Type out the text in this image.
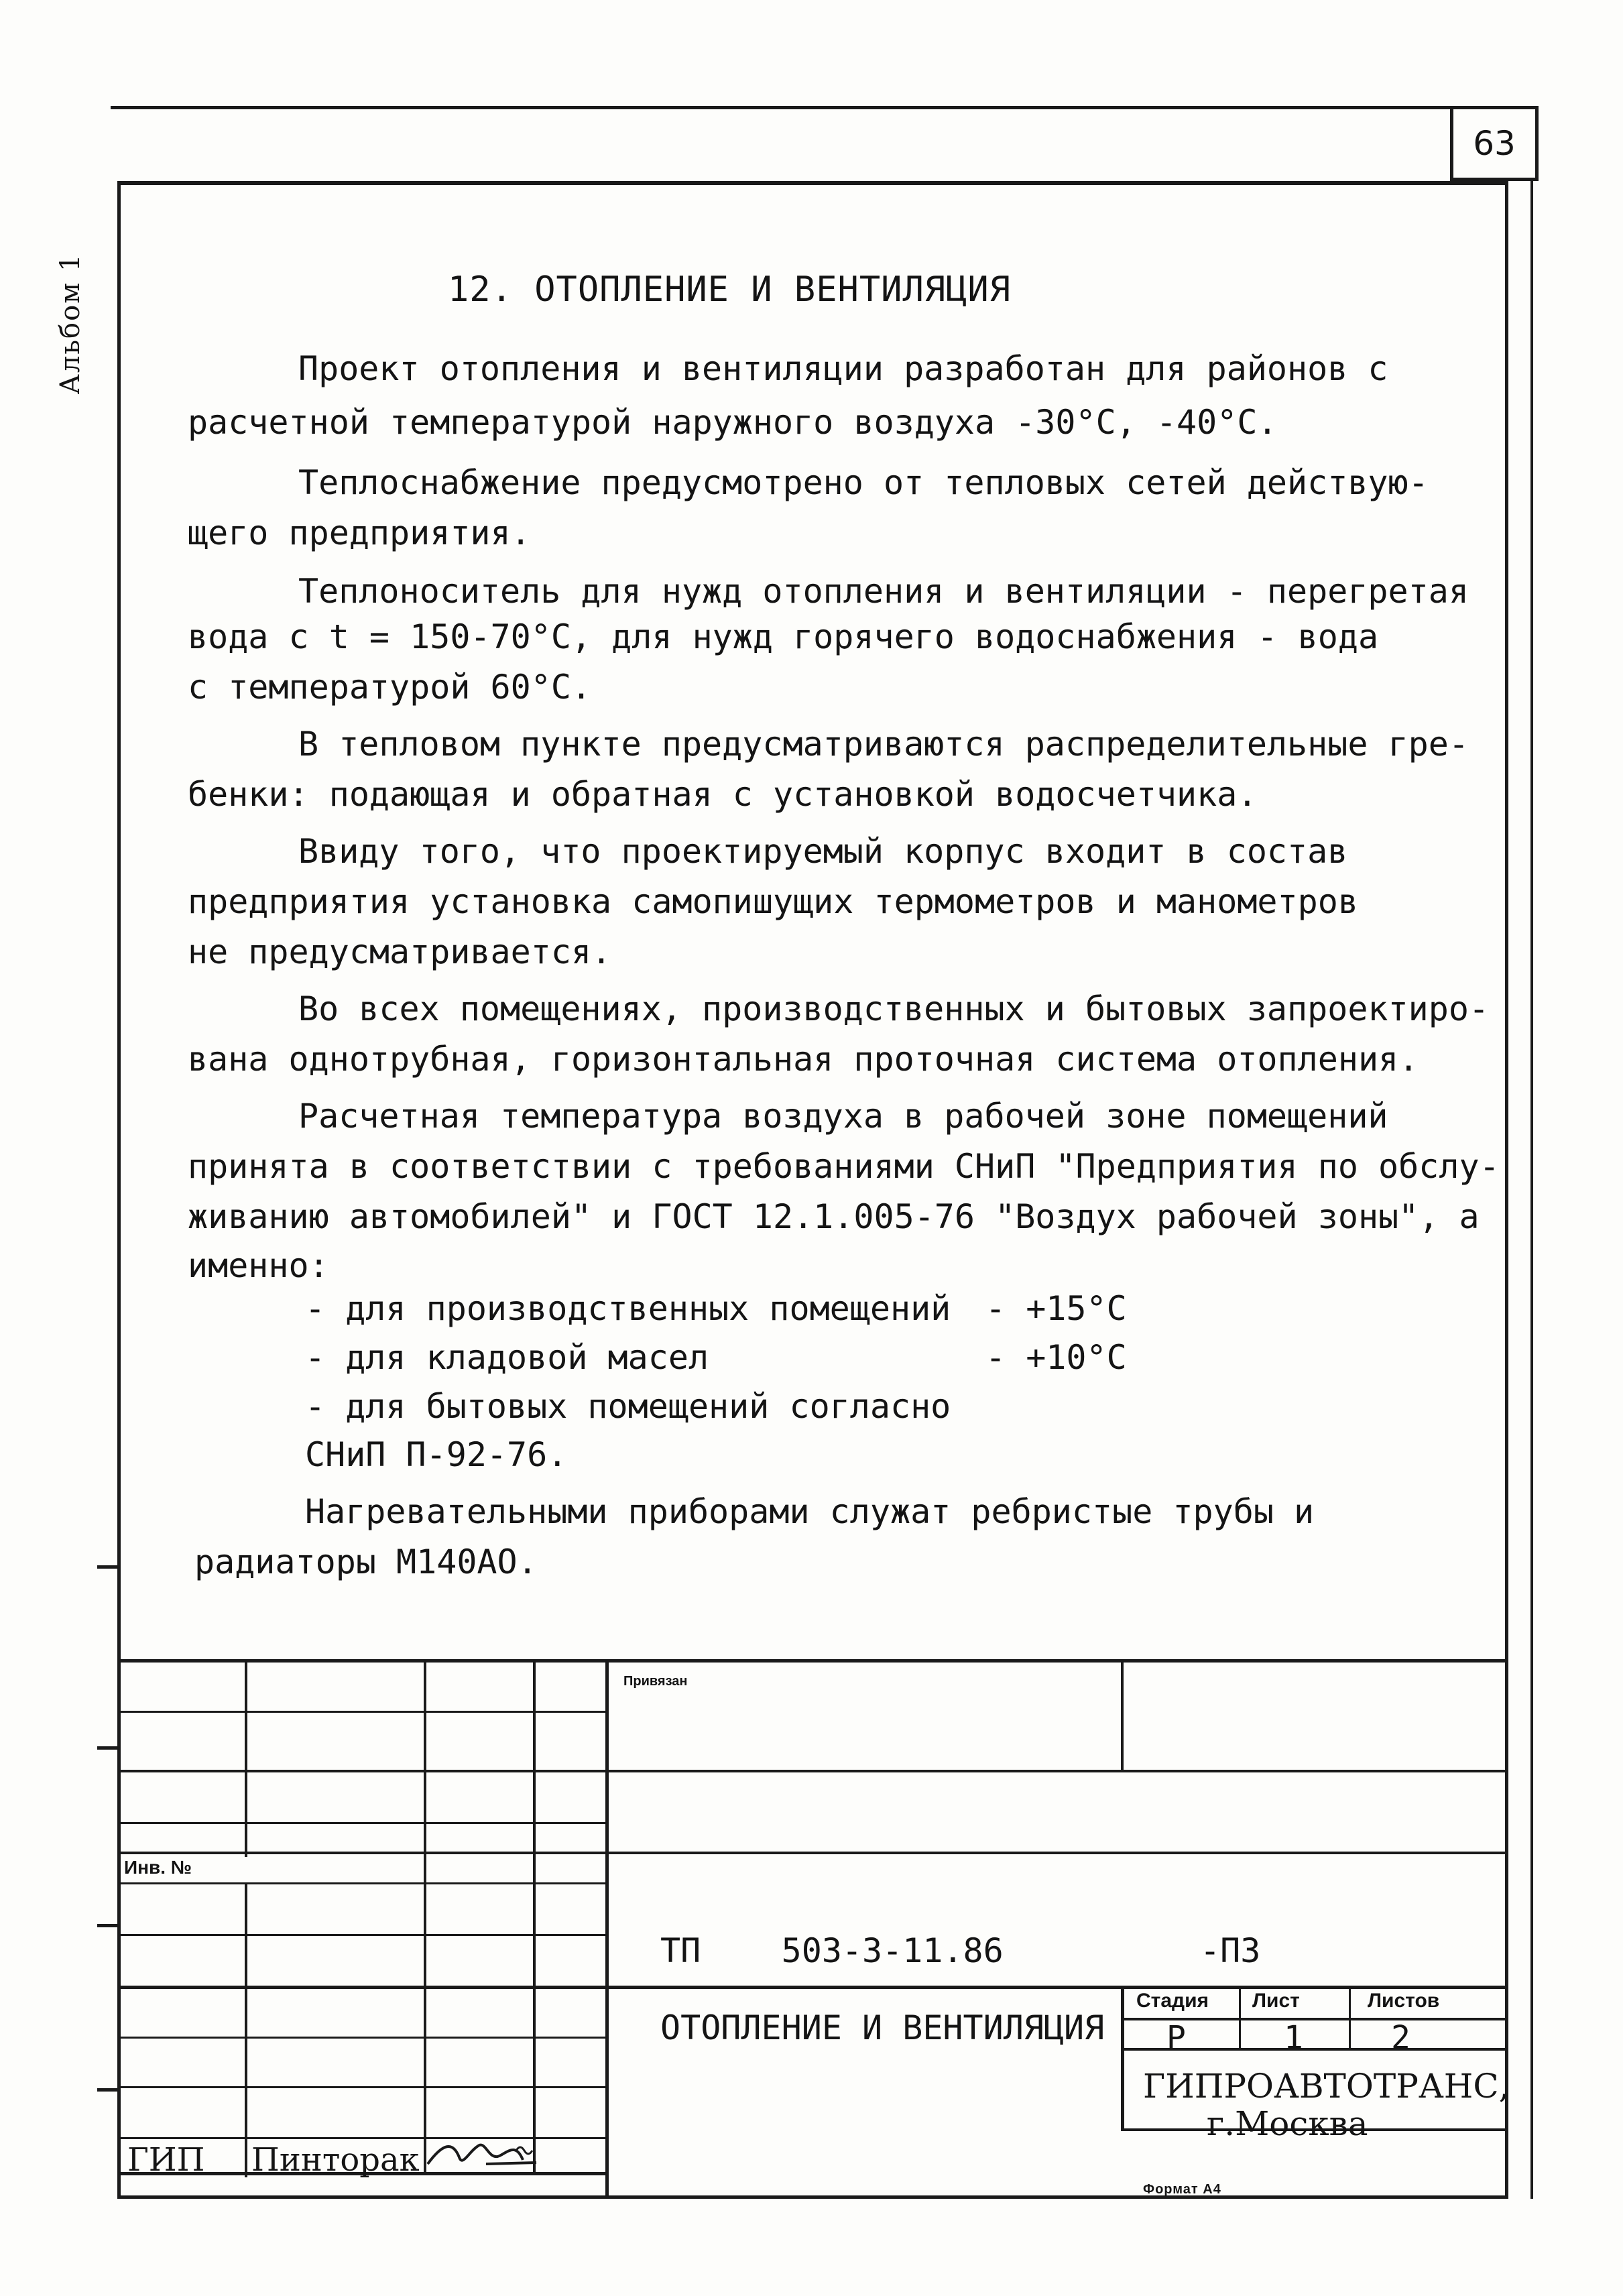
63
Альбом 1	12. ОТОПЛЕНИЕ И ВЕНТИЛЯЦИЯ
Проект отопления и вентиляции разработан для районов с
расчетной температурой наружного воздуха -30°С, -40°С.
Теплоснабжение предусмотрено от тепловых сетей действую-
щего предприятия.
Теплоноситель для нужд отопления и вентиляции - перегретая
вода с t = 150-70°С, для нужд горячего водоснабжения - вода
с температурой 60°С.
В тепловом пункте предусматриваются распределительные гре-
бенки: подающая и обратная с установкой водосчетчика.
Ввиду того, что проектируемый корпус входит в состав
предприятия установка самопишущих термометров и манометров
не предусматривается.
Во всех помещениях, производственных и бытовых запроектиро-
вана однотрубная, горизонтальная проточная система отопления.
Расчетная температура воздуха в рабочей зоне помещений
принята в соответствии с требованиями СНиП "Предприятия по обслу-
живанию автомобилей" и ГОСТ 12.1.005-76 "Воздух рабочей зоны", а
именно:
- для производственных помещений - +15°С
- для кладовой масел	- +10°С
- для бытовых помещений согласно
СНиП П-92-76.
Нагревательными приборами служат ребристые трубы и
радиаторы М140АО.
Привязан
Инв. №
ТП    503-3-11.86	-ПЗ
ОТОПЛЕНИЕ И ВЕНТИЛЯЦИЯ
Стадия Лист	Листов
Р	1	2
ГИПРОАВТОТРАНС,
г.Москва
ГИП Пинторак
Формат А4
